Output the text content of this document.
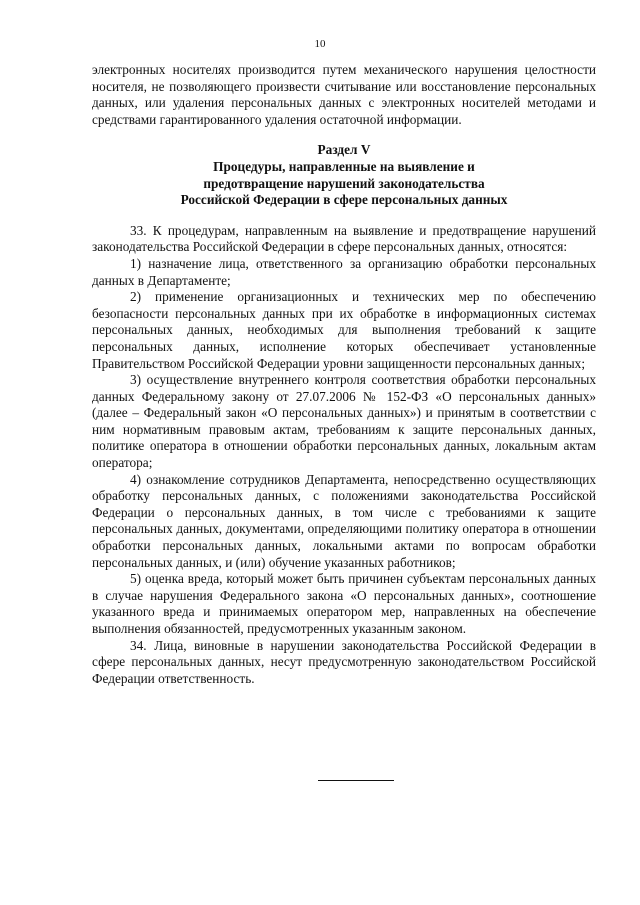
10

электронных носителях производится путем механического нарушения целостности носителя, не позволяющего произвести считывание или восстановление персональных данных, или удаления персональных данных с электронных носителей методами и средствами гарантированного удаления остаточной информации.

Раздел V
Процедуры, направленные на выявление и
предотвращение нарушений законодательства
Российской Федерации в сфере персональных данных

33. К процедурам, направленным на выявление и предотвращение нарушений законодательства Российской Федерации в сфере персональных данных, относятся:

1) назначение лица, ответственного за организацию обработки персональных данных в Департаменте;

2) применение организационных и технических мер по обеспечению безопасности персональных данных при их обработке в информационных системах персональных данных, необходимых для выполнения требований к защите персональных данных, исполнение которых обеспечивает установленные Правительством Российской Федерации уровни защищенности персональных данных;

3) осуществление внутреннего контроля соответствия обработки персональных данных Федеральному закону от 27.07.2006 № 152-ФЗ «О персональных данных» (далее – Федеральный закон «О персональных данных») и принятым в соответствии с ним нормативным правовым актам, требованиям к защите персональных данных, политике оператора в отношении обработки персональных данных, локальным актам оператора;

4) ознакомление сотрудников Департамента, непосредственно осуществляющих обработку персональных данных, с положениями законодательства Российской Федерации о персональных данных, в том числе с требованиями к защите персональных данных, документами, определяющими политику оператора в отношении обработки персональных данных, локальными актами по вопросам обработки персональных данных, и (или) обучение указанных работников;

5) оценка вреда, который может быть причинен субъектам персональных данных в случае нарушения Федерального закона «О персональных данных», соотношение указанного вреда и принимаемых оператором мер, направленных на обеспечение выполнения обязанностей, предусмотренных указанным законом.

34. Лица, виновные в нарушении законодательства Российской Федерации в сфере персональных данных, несут предусмотренную законодательством Российской Федерации ответственность.
